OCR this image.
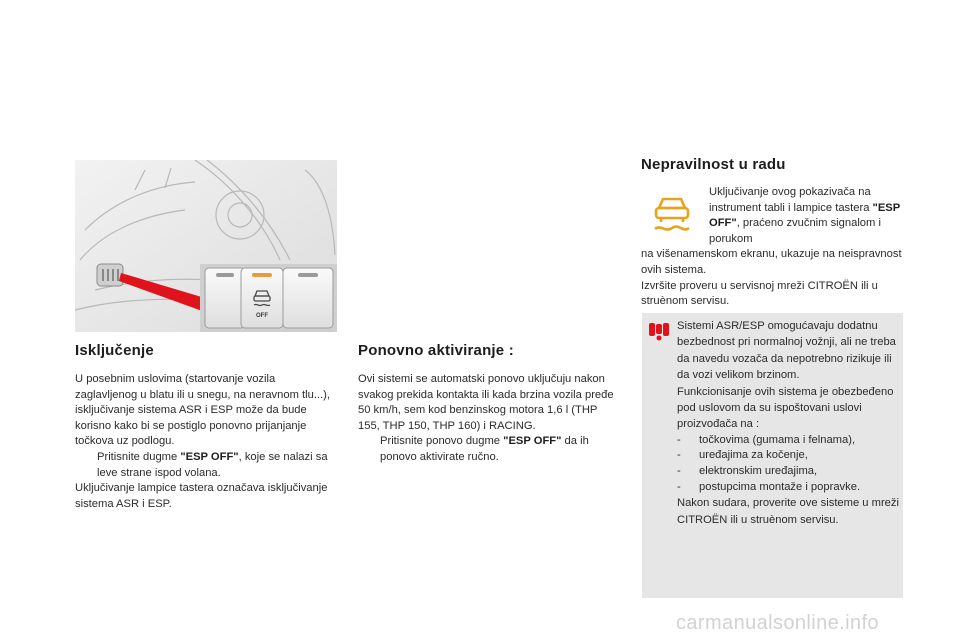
OFF
Isključenje

U posebnim uslovima (startovanje vozila zaglavljenog u blatu ili u snegu, na neravnom tlu...), isključivanje sistema ASR i ESP može da bude korisno kako bi se postiglo ponovno prijanjanje točkova uz podlogu.

Pritisnite dugme "ESP OFF", koje se nalazi sa leve strane ispod volana.

Uključivanje lampice tastera označava isključivanje sistema ASR i ESP.

Ponovno aktiviranje :

Ovi sistemi se automatski ponovo uključuju nakon svakog prekida kontakta ili kada brzina vozila pređe 50 km/h, sem kod benzinskog motora 1,6 l (THP 155, THP 150, THP 160) i RACING.

Pritisnite ponovo dugme "ESP OFF" da ih ponovo aktivirate ručno.
Nepravilnost u radu
Uključivanje ovog pokazivača na instrument tabli i lampice tastera "ESP OFF", praćeno zvučnim signalom i porukom

na višenamenskom ekranu, ukazuje na neispravnost ovih sistema.

Izvršite proveru u servisnoj mreži CITROËN ili u struènom servisu.

Sistemi ASR/ESP omogućavaju dodatnu bezbednost pri normalnoj vožnji, ali ne treba da navedu vozača da nepotrebno rizikuje ili da vozi velikom brzinom.
Funkcionisanje ovih sistema je obezbeđeno pod uslovom da su ispoštovani uslovi proizvođača na :
-	točkovima (gumama i felnama),
-	uređajima za kočenje,
-	elektronskim uređajima,
-	postupcima montaže i popravke.
Nakon sudara, proverite ove sisteme u mreži CITROËN ili u struènom servisu.
carmanualsonline.info
